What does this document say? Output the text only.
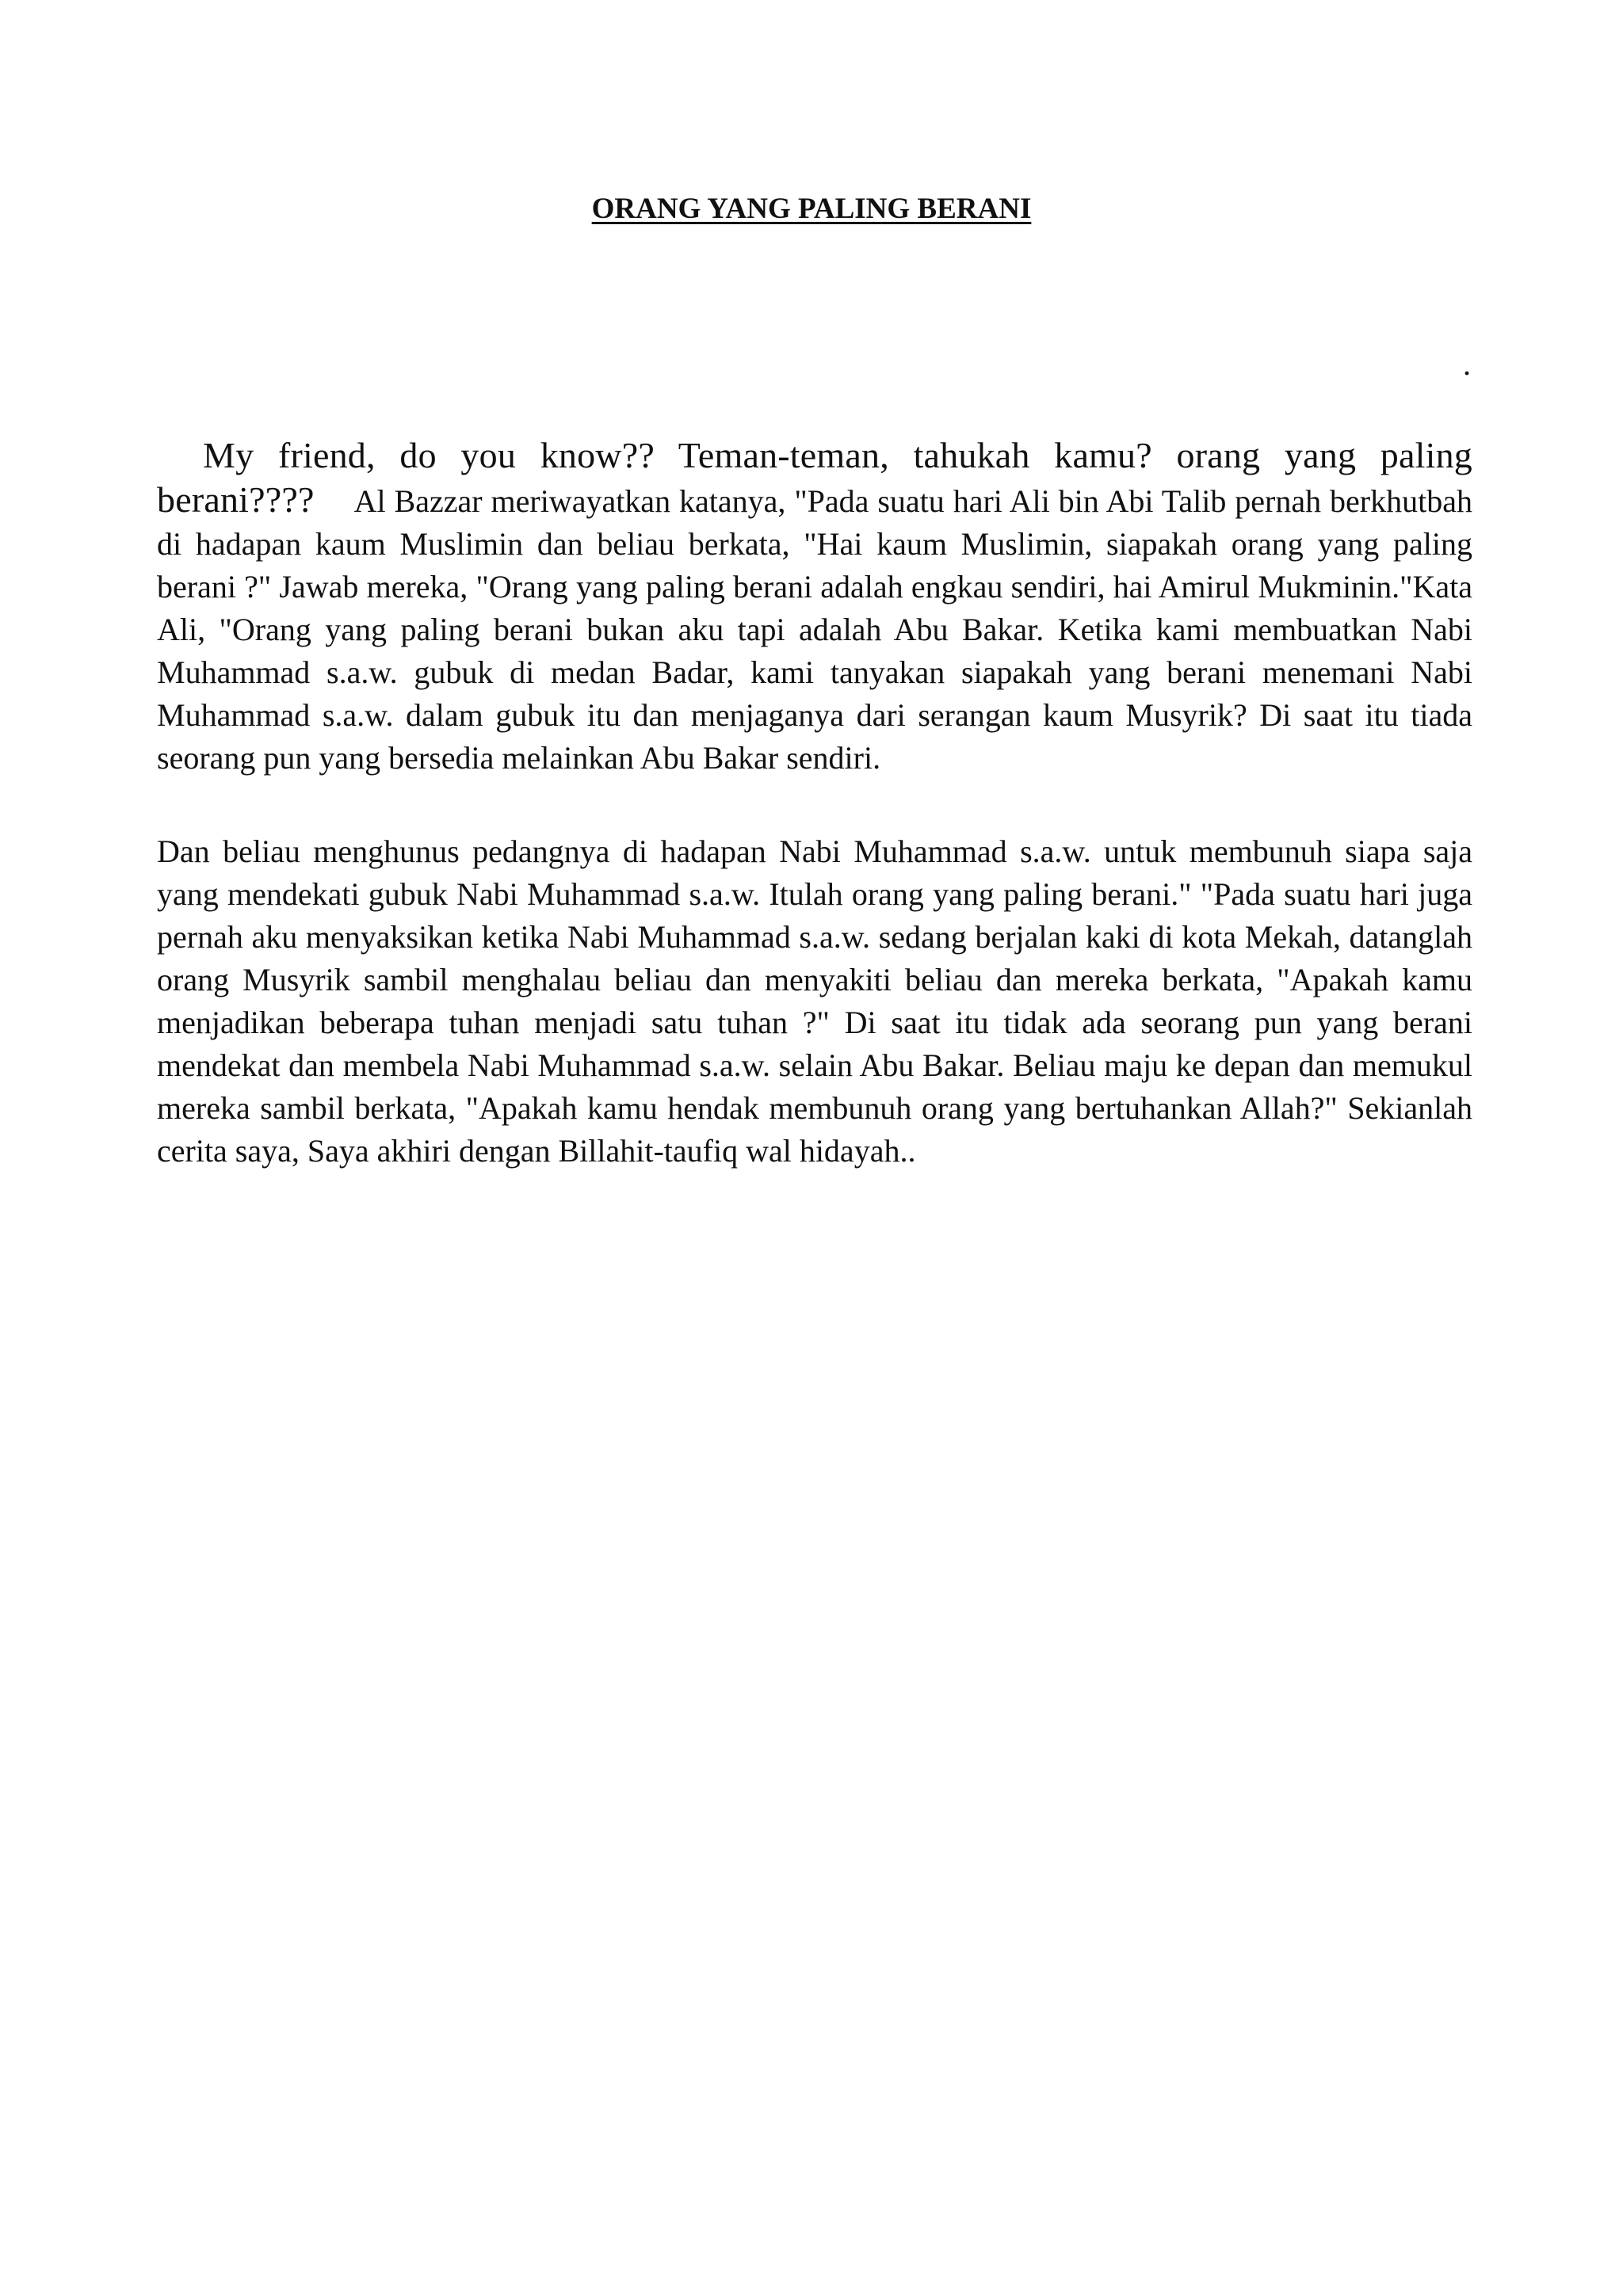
ORANG YANG PALING BERANI
.

My friend, do you know?? Teman-teman, tahukah kamu? orang yang paling berani???? Al Bazzar meriwayatkan katanya, "Pada suatu hari Ali bin Abi Talib pernah berkhutbah di hadapan kaum Muslimin dan beliau berkata, "Hai kaum Muslimin, siapakah orang yang paling berani ?" Jawab mereka, "Orang yang paling berani adalah engkau sendiri, hai Amirul Mukminin."Kata Ali, "Orang yang paling berani bukan aku tapi adalah Abu Bakar. Ketika kami membuatkan Nabi Muhammad s.a.w. gubuk di medan Badar, kami tanyakan siapakah yang berani menemani Nabi Muhammad s.a.w. dalam gubuk itu dan menjaganya dari serangan kaum Musyrik? Di saat itu tiada seorang pun yang bersedia melainkan Abu Bakar sendiri.

Dan beliau menghunus pedangnya di hadapan Nabi Muhammad s.a.w. untuk membunuh siapa saja yang mendekati gubuk Nabi Muhammad s.a.w. Itulah orang yang paling berani." "Pada suatu hari juga pernah aku menyaksikan ketika Nabi Muhammad s.a.w. sedang berjalan kaki di kota Mekah, datanglah orang Musyrik sambil menghalau beliau dan menyakiti beliau dan mereka berkata, "Apakah kamu menjadikan beberapa tuhan menjadi satu tuhan ?" Di saat itu tidak ada seorang pun yang berani mendekat dan membela Nabi Muhammad s.a.w. selain Abu Bakar. Beliau maju ke depan dan memukul mereka sambil berkata, "Apakah kamu hendak membunuh orang yang bertuhankan Allah?" Sekianlah cerita saya, Saya akhiri dengan Billahit-taufiq wal hidayah..
